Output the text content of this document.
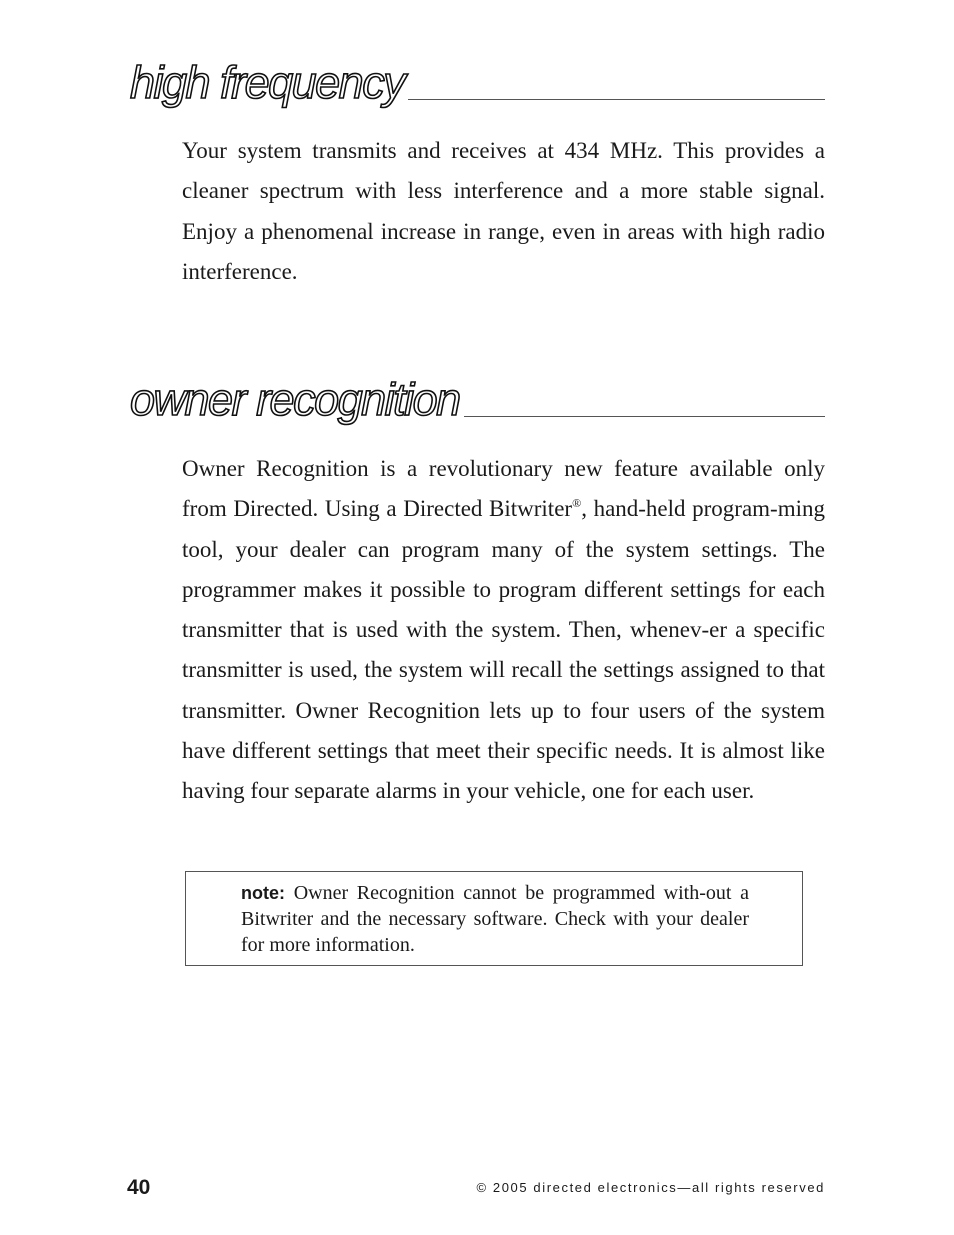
high frequency

Your system transmits and receives at 434 MHz. This provides a cleaner spectrum with less interference and a more stable signal. Enjoy a phenomenal increase in range, even in areas with high radio interference.

owner recognition

Owner Recognition is a revolutionary new feature available only from Directed. Using a Directed Bitwriter®, hand-held program-ming tool, your dealer can program many of the system settings. The programmer makes it possible to program different settings for each transmitter that is used with the system. Then, whenev-er a specific transmitter is used, the system will recall the settings assigned to that transmitter. Owner Recognition lets up to four users of the system have different settings that meet their specific needs. It is almost like having four separate alarms in your vehicle, one for each user.

note: Owner Recognition cannot be programmed with-out a Bitwriter and the necessary software. Check with your dealer for more information.

40	© 2005 directed electronics—all rights reserved
